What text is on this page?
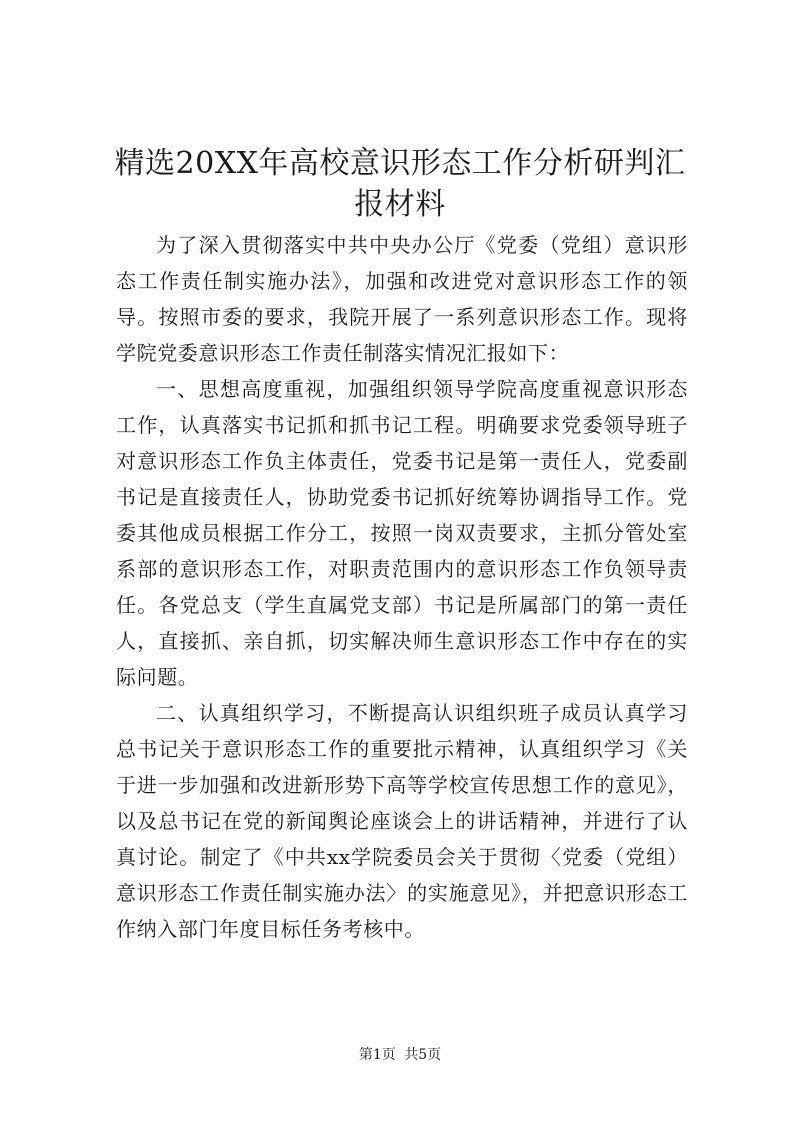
精选20XX年高校意识形态工作分析研判汇报材料

为了深入贯彻落实中共中央办公厅《党委（党组）意识形态工作责任制实施办法》，加强和改进党对意识形态工作的领导。按照市委的要求，我院开展了一系列意识形态工作。现将学院党委意识形态工作责任制落实情况汇报如下：

一、思想高度重视，加强组织领导学院高度重视意识形态工作，认真落实书记抓和抓书记工程。明确要求党委领导班子对意识形态工作负主体责任，党委书记是第一责任人，党委副书记是直接责任人，协助党委书记抓好统筹协调指导工作。党委其他成员根据工作分工，按照一岗双责要求，主抓分管处室系部的意识形态工作，对职责范围内的意识形态工作负领导责任。各党总支（学生直属党支部）书记是所属部门的第一责任人，直接抓、亲自抓，切实解决师生意识形态工作中存在的实际问题。

二、认真组织学习，不断提高认识组织班子成员认真学习总书记关于意识形态工作的重要批示精神，认真组织学习《关于进一步加强和改进新形势下高等学校宣传思想工作的意见》，以及总书记在党的新闻舆论座谈会上的讲话精神，并进行了认真讨论。制定了《中共xx学院委员会关于贯彻〈党委（党组）意识形态工作责任制实施办法〉的实施意见》，并把意识形态工作纳入部门年度目标任务考核中。

第1页 共5页
